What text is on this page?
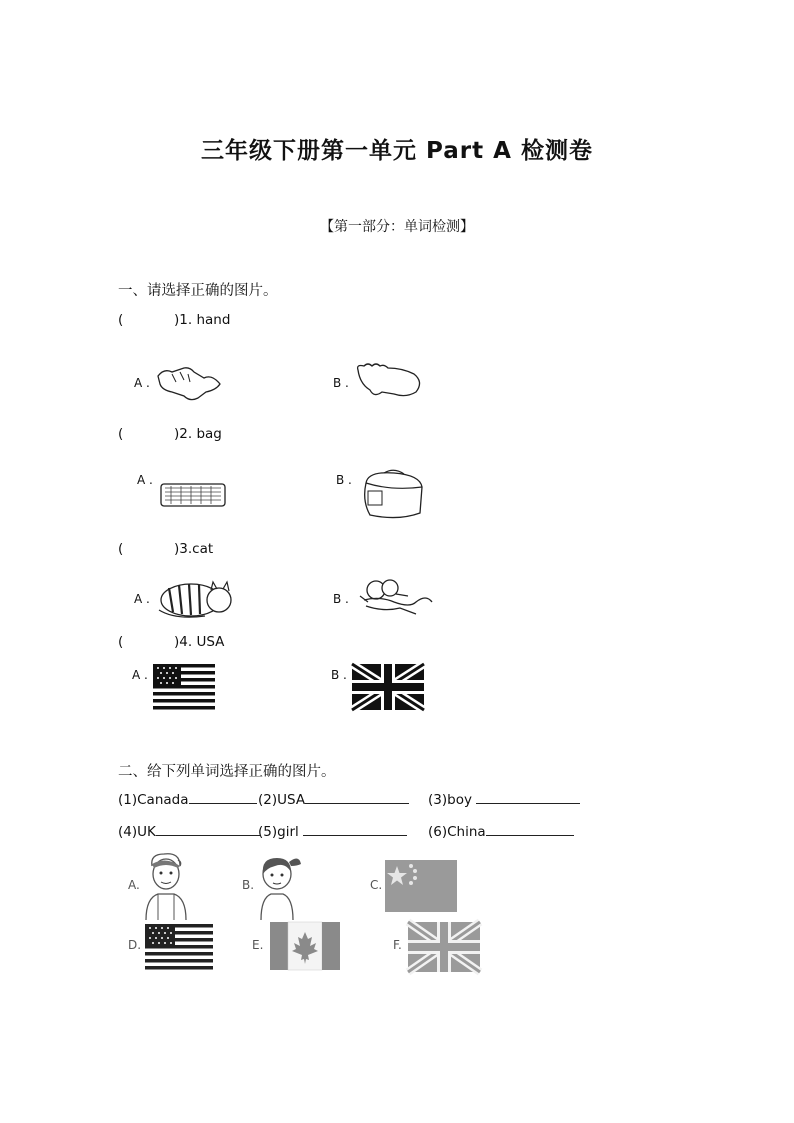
三年级下册第一单元 Part A 检测卷
【第一部分：单词检测】
一、请选择正确的图片。
(	)1. hand
A .	B .
(	)2. bag
A .	B .
(	)3.cat
A .	B .
(	)4. USA
A .	B .
二、给下列单词选择正确的图片。
(1)Canada	(2)USA	(3)boy
(4)UK	(5)girl	(6)China
A.	B.	C.
D.	E.	F.
